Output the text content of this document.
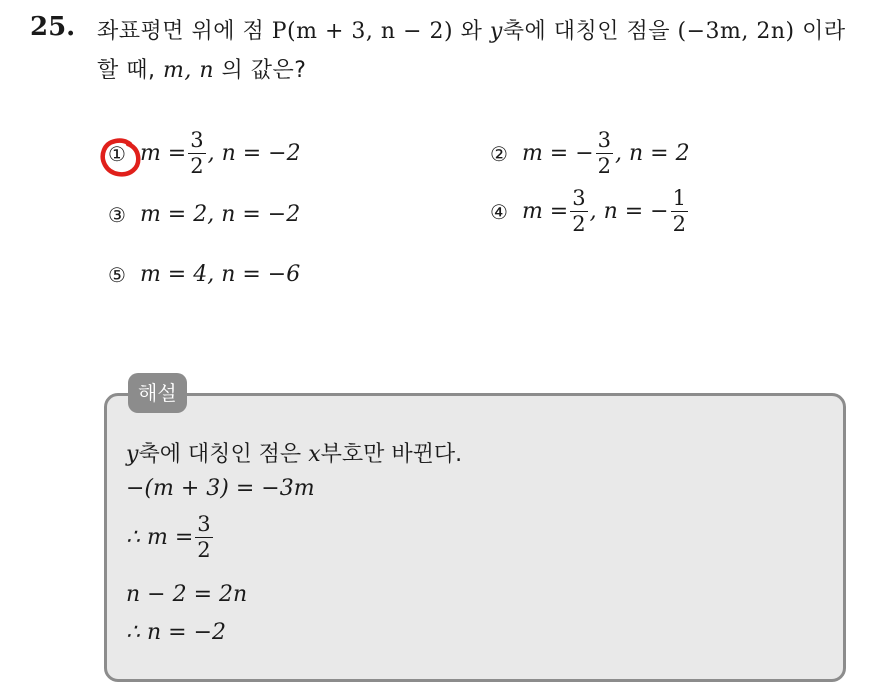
25. 좌표평면 위에 점 P(m + 3, n − 2) 와 y축에 대칭인 점을 (−3m, 2n) 이라
할 때, m, n 의 값은?
① $m = \frac{3}{2}$ , n = −2	② m = − $\frac{3}{2}$ , n = 2
③ m = 2, n = −2	④ $m = \frac{3}{2}$ , n = − $\frac{1}{2}$
⑤ m = 4, n = −6
해설
y축에 대칭인 점은 x부호만 바뀐다.
−(m + 3) = −3m
∴ $m = \frac{3}{2}$
n − 2 = 2n
∴ n = −2
